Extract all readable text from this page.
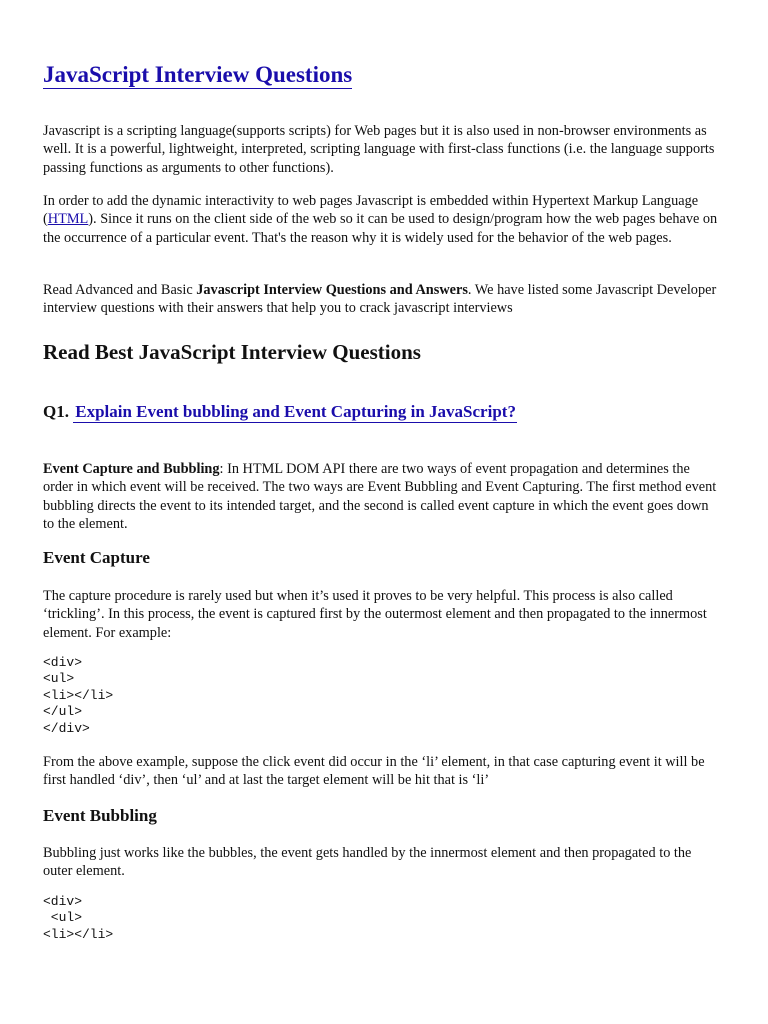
JavaScript Interview Questions

Javascript is a scripting language(supports scripts) for Web pages but it is also used in non-browser environments as well. It is a powerful, lightweight, interpreted, scripting language with first-class functions (i.e. the language supports passing functions as arguments to other functions).

In order to add the dynamic interactivity to web pages Javascript is embedded within Hypertext Markup Language (HTML). Since it runs on the client side of the web so it can be used to design/program how the web pages behave on the occurrence of a particular event. That's the reason why it is widely used for the behavior of the web pages.

Read Advanced and Basic Javascript Interview Questions and Answers. We have listed some Javascript Developer interview questions with their answers that help you to crack javascript interviews

Read Best JavaScript Interview Questions
Q1. Explain Event bubbling and Event Capturing in JavaScript?

Event Capture and Bubbling: In HTML DOM API there are two ways of event propagation and determines the order in which event will be received. The two ways are Event Bubbling and Event Capturing. The first method event bubbling directs the event to its intended target, and the second is called event capture in which the event goes down to the element.

Event Capture

The capture procedure is rarely used but when it’s used it proves to be very helpful. This process is also called ‘trickling’. In this process, the event is captured first by the outermost element and then propagated to the innermost element. For example:

<div>
<ul>
<li></li>
</ul>
</div>

From the above example, suppose the click event did occur in the ‘li’ element, in that case capturing event it will be first handled ‘div’, then ‘ul’ and at last the target element will be hit that is ‘li’

Event Bubbling

Bubbling just works like the bubbles, the event gets handled by the innermost element and then propagated to the outer element.

<div>
<ul>
<li></li>
